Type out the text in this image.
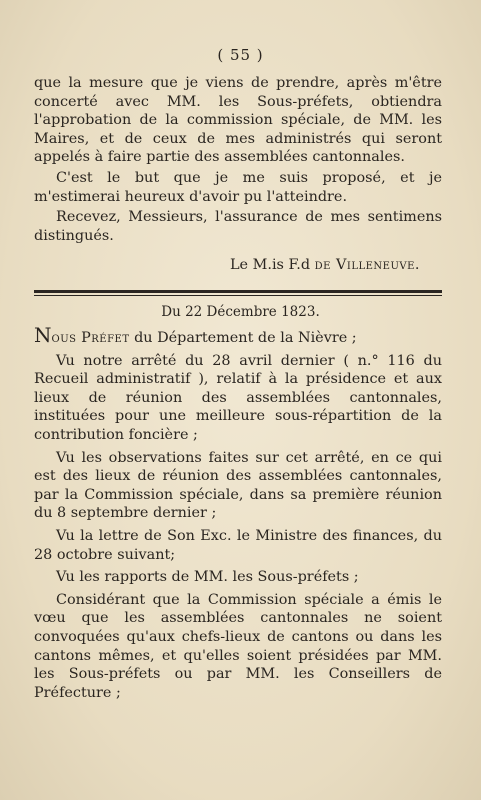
( 55 )

que la mesure que je viens de prendre, après m'être concerté avec MM. les Sous-préfets, obtiendra l'approbation de la commission spéciale, de MM. les Maires, et de ceux de mes administrés qui seront appelés à faire partie des assemblées cantonnales.

C'est le but que je me suis proposé, et je m'estimerai heureux d'avoir pu l'atteindre.

Recevez, Messieurs, l'assurance de mes sentimens distingués.

Le M.is F.d de Villeneuve.
Du 22 Décembre 1823.

Nous Préfet du Département de la Nièvre ;

Vu notre arrêté du 28 avril dernier ( n.° 116 du Recueil administratif ), relatif à la présidence et aux lieux de réunion des assemblées cantonnales, instituées pour une meilleure sous-répartition de la contribution foncière ;

Vu les observations faites sur cet arrêté, en ce qui est des lieux de réunion des assemblées cantonnales, par la Commission spéciale, dans sa première réunion du 8 septembre dernier ;

Vu la lettre de Son Exc. le Ministre des finances, du 28 octobre suivant;

Vu les rapports de MM. les Sous-préfets ;

Considérant que la Commission spéciale a émis le vœu que les assemblées cantonnales ne soient convoquées qu'aux chefs-lieux de cantons ou dans les cantons mêmes, et qu'elles soient présidées par MM. les Sous-préfets ou par MM. les Conseillers de Préfecture ;
